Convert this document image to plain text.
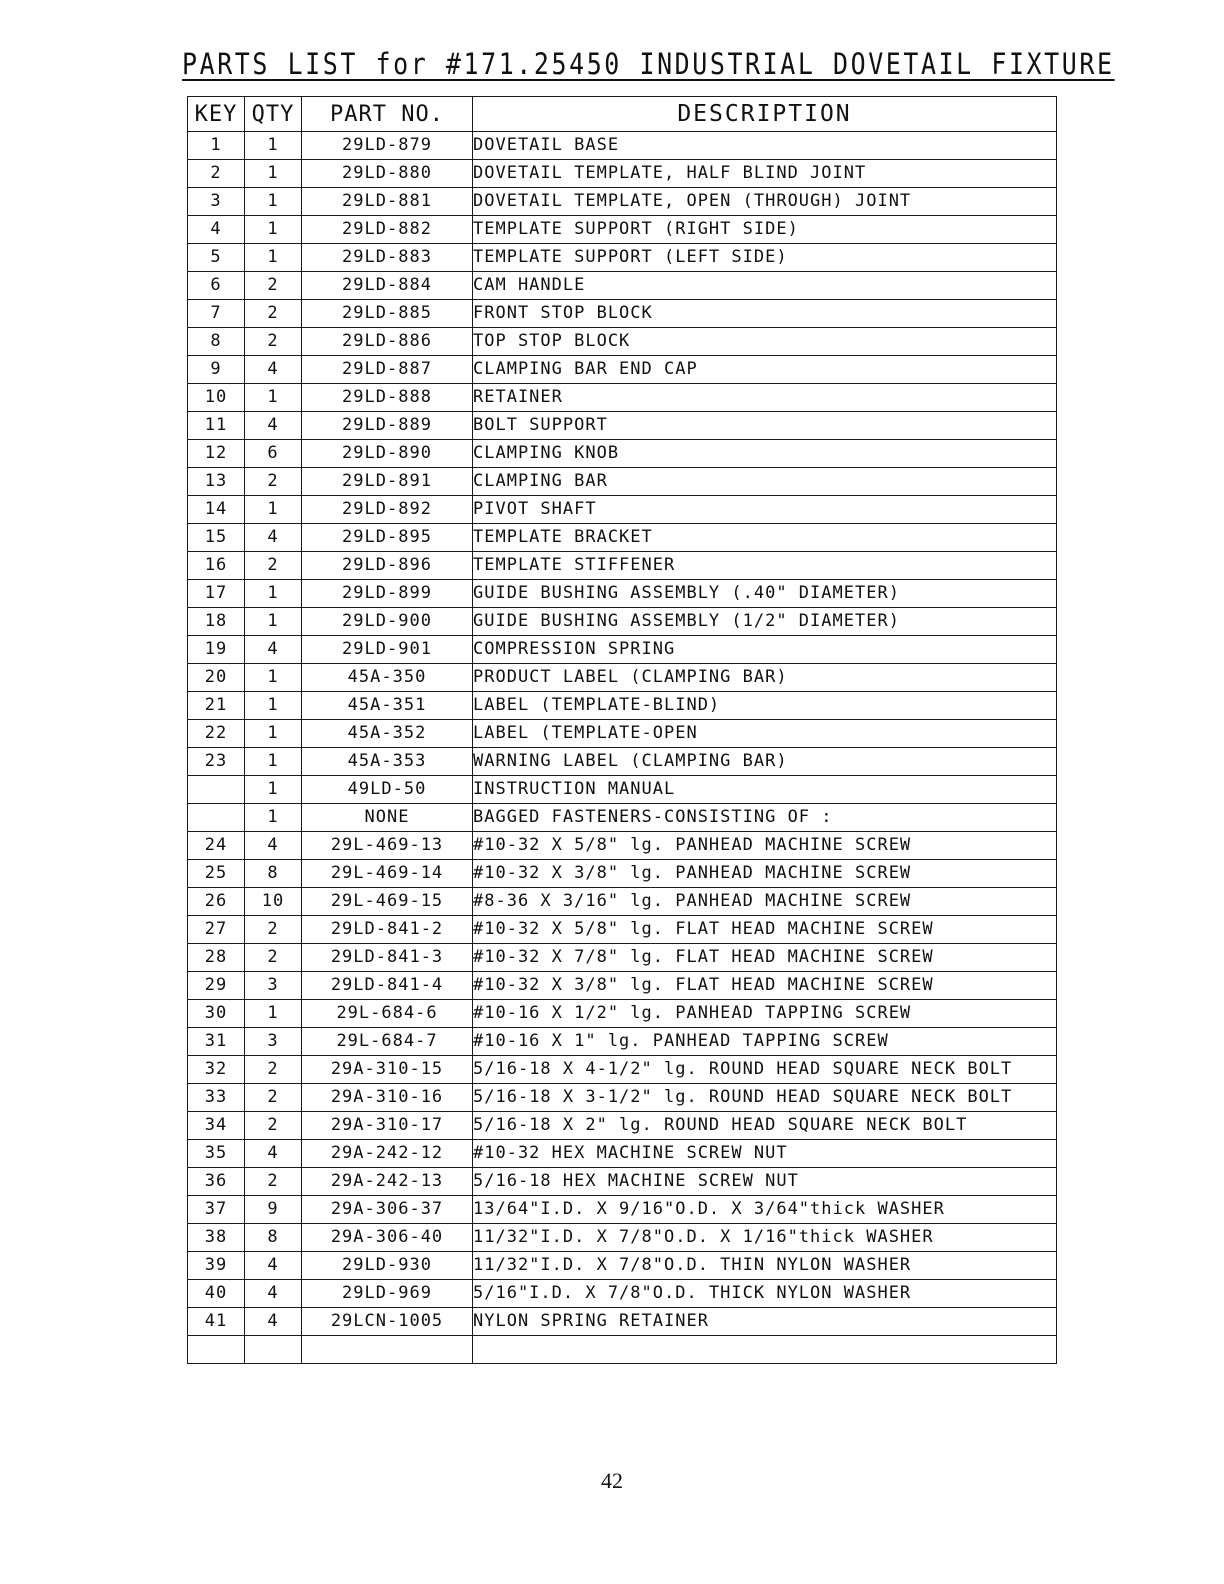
PARTS LIST for #171.25450 INDUSTRIAL DOVETAIL FIXTURE
KEY	QTY	PART NO.	DESCRIPTION
1	1	29LD-879	DOVETAIL BASE
2	1	29LD-880	DOVETAIL TEMPLATE, HALF BLIND JOINT
3	1	29LD-881	DOVETAIL TEMPLATE, OPEN (THROUGH) JOINT
4	1	29LD-882	TEMPLATE SUPPORT (RIGHT SIDE)
5	1	29LD-883	TEMPLATE SUPPORT (LEFT SIDE)
6	2	29LD-884	CAM HANDLE
7	2	29LD-885	FRONT STOP BLOCK
8	2	29LD-886	TOP STOP BLOCK
9	4	29LD-887	CLAMPING BAR END CAP
10	1	29LD-888	RETAINER
11	4	29LD-889	BOLT SUPPORT
12	6	29LD-890	CLAMPING KNOB
13	2	29LD-891	CLAMPING BAR
14	1	29LD-892	PIVOT SHAFT
15	4	29LD-895	TEMPLATE BRACKET
16	2	29LD-896	TEMPLATE STIFFENER
17	1	29LD-899	GUIDE BUSHING ASSEMBLY (.40" DIAMETER)
18	1	29LD-900	GUIDE BUSHING ASSEMBLY (1/2" DIAMETER)
19	4	29LD-901	COMPRESSION SPRING
20	1	45A-350	PRODUCT LABEL (CLAMPING BAR)
21	1	45A-351	LABEL (TEMPLATE-BLIND)
22	1	45A-352	LABEL (TEMPLATE-OPEN
23	1	45A-353	WARNING LABEL (CLAMPING BAR)
	1	49LD-50	INSTRUCTION MANUAL
	1	NONE	BAGGED FASTENERS-CONSISTING OF :
24	4	29L-469-13	#10-32 X 5/8" lg. PANHEAD MACHINE SCREW
25	8	29L-469-14	#10-32 X 3/8" lg. PANHEAD MACHINE SCREW
26	10	29L-469-15	#8-36 X 3/16" lg. PANHEAD MACHINE SCREW
27	2	29LD-841-2	#10-32 X 5/8" lg. FLAT HEAD MACHINE SCREW
28	2	29LD-841-3	#10-32 X 7/8" lg. FLAT HEAD MACHINE SCREW
29	3	29LD-841-4	#10-32 X 3/8" lg. FLAT HEAD MACHINE SCREW
30	1	29L-684-6	#10-16 X 1/2" lg. PANHEAD TAPPING SCREW
31	3	29L-684-7	#10-16 X 1" lg. PANHEAD TAPPING SCREW
32	2	29A-310-15	5/16-18 X 4-1/2" lg. ROUND HEAD SQUARE NECK BOLT
33	2	29A-310-16	5/16-18 X 3-1/2" lg. ROUND HEAD SQUARE NECK BOLT
34	2	29A-310-17	5/16-18 X 2" lg. ROUND HEAD SQUARE NECK BOLT
35	4	29A-242-12	#10-32 HEX MACHINE SCREW NUT
36	2	29A-242-13	5/16-18 HEX MACHINE SCREW NUT
37	9	29A-306-37	13/64"I.D. X 9/16"O.D. X 3/64"thick WASHER
38	8	29A-306-40	11/32"I.D. X 7/8"O.D. X 1/16"thick WASHER
39	4	29LD-930	11/32"I.D. X 7/8"O.D. THIN NYLON WASHER
40	4	29LD-969	5/16"I.D. X 7/8"O.D. THICK NYLON WASHER
41	4	29LCN-1005	NYLON SPRING RETAINER

42
